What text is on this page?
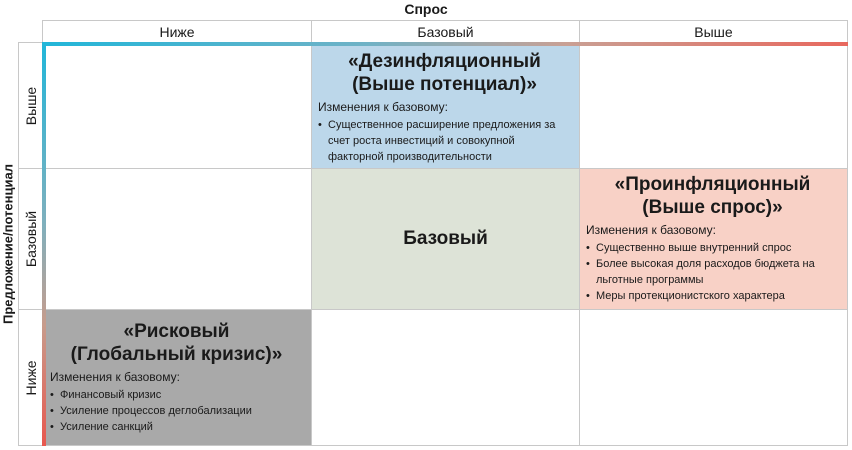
Спрос
Предложение/потенциал
Ниже	Базовый	Выше
Выше
Базовый
Ниже
«Дезинфляционный
(Выше потенциал)»
Изменения к базовому:
• Существенное расширение предложения за счет роста инвестиций и совокупной факторной производительности
Базовый
«Проинфляционный
(Выше спрос)»
Изменения к базовому:
• Существенно выше внутренний спрос
• Более высокая доля расходов бюджета на льготные программы
• Меры протекционистского характера
«Рисковый
(Глобальный кризис)»
Изменения к базовому:
• Финансовый кризис
• Усиление процессов деглобализации
• Усиление санкций
